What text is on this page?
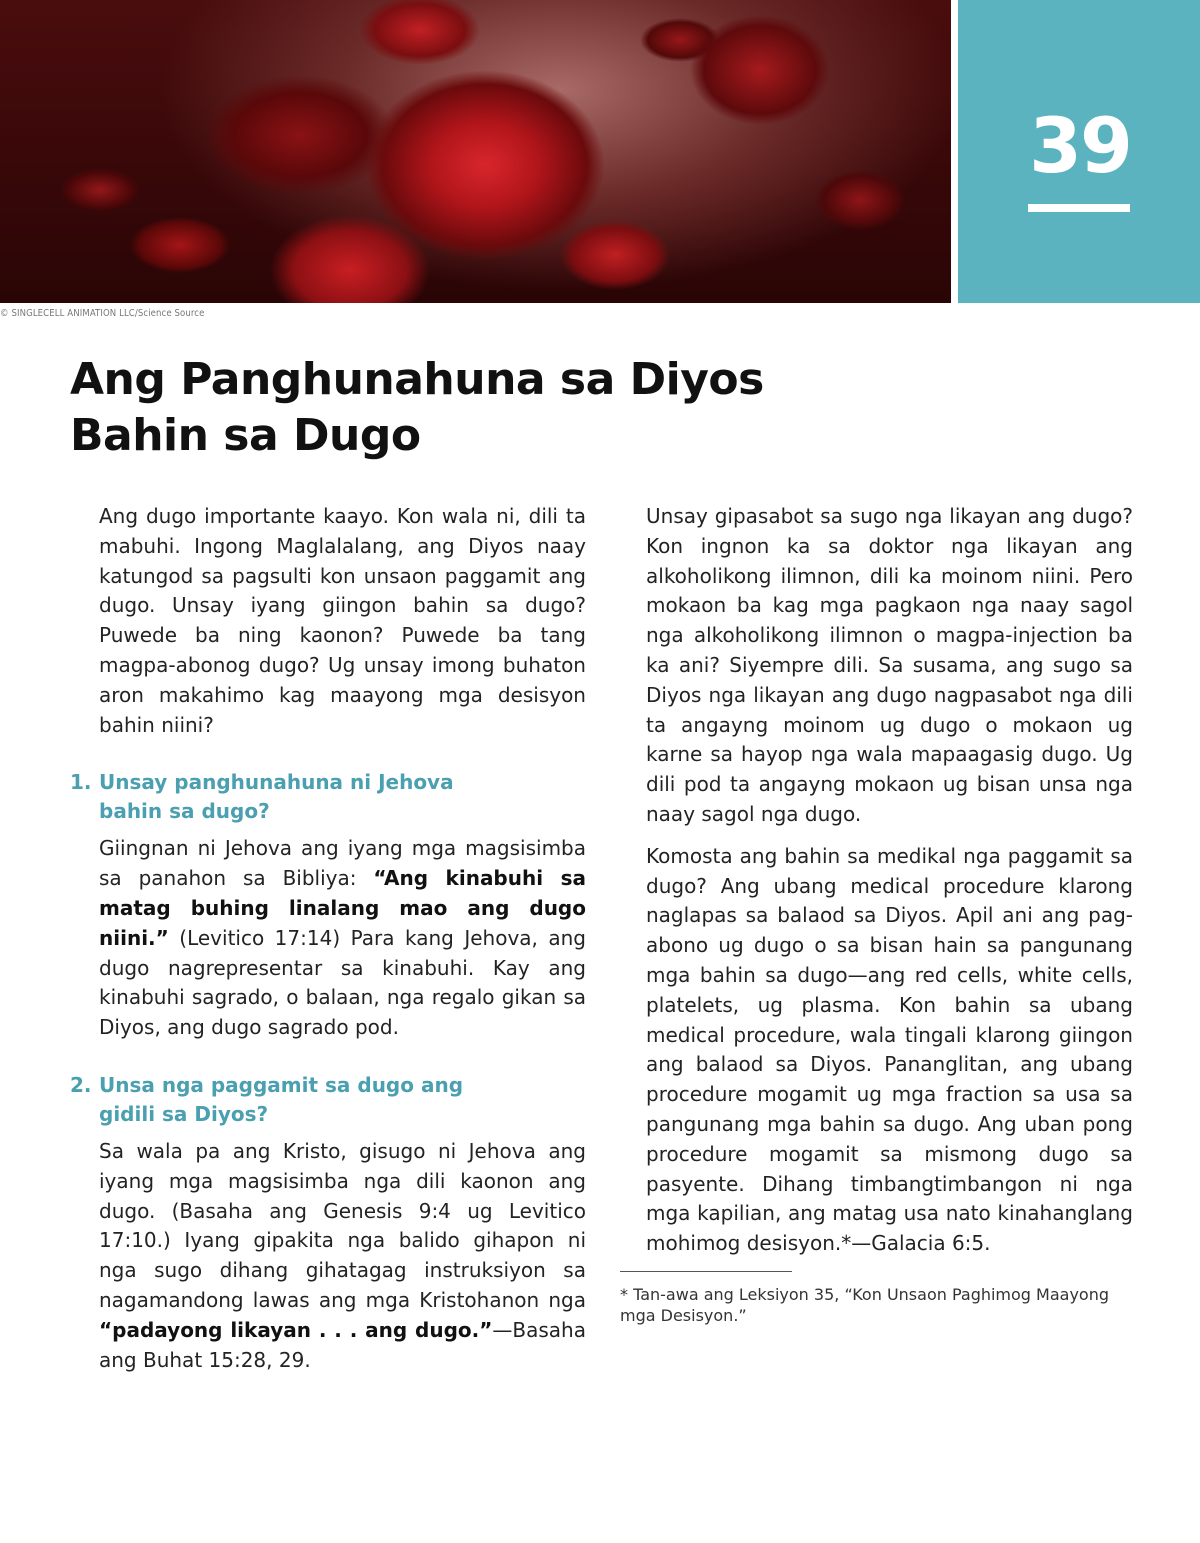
© SINGLECELL ANIMATION LLC/Science Source
39
Ang Panghunahuna sa Diyos
Bahin sa Dugo

Ang dugo importante kaayo. Kon wala ni, dili ta mabuhi. Ingong Maglalalang, ang Diyos naay katungod sa pagsulti kon unsaon paggamit ang dugo. Unsay iyang giingon bahin sa dugo? Puwede ba ning kaonon? Puwede ba tang magpa-abonog dugo? Ug unsay imong buhaton aron makahimo kag maayong mga desisyon bahin niini?

1. Unsay panghunahuna ni Jehova bahin sa dugo?

Giingnan ni Jehova ang iyang mga magsisimba sa panahon sa Bibliya: “Ang kinabuhi sa matag buhing linalang mao ang dugo niini.” (Levitico 17:14) Para kang Jehova, ang dugo nagrepresentar sa kinabuhi. Kay ang kinabuhi sagrado, o balaan, nga regalo gikan sa Diyos, ang dugo sagrado pod.

2. Unsa nga paggamit sa dugo ang gidili sa Diyos?

Sa wala pa ang Kristo, gisugo ni Jehova ang iyang mga magsisimba nga dili kaonon ang dugo. (Basaha ang Genesis 9:4 ug Levitico 17:10.) Iyang gipakita nga balido gihapon ni nga sugo dihang gihatagag instruksiyon sa nagamandong lawas ang mga Kristohanon nga “padayong likayan . . . ang dugo.”—Basaha ang Buhat 15:28, 29.

Unsay gipasabot sa sugo nga likayan ang dugo? Kon ingnon ka sa doktor nga likayan ang alkoholikong ilimnon, dili ka moinom niini. Pero mokaon ba kag mga pagkaon nga naay sagol nga alkoholikong ilimnon o magpa-injection ba ka ani? Siyempre dili. Sa susama, ang sugo sa Diyos nga likayan ang dugo nagpasabot nga dili ta angayng moinom ug dugo o mokaon ug karne sa hayop nga wala mapaagasig dugo. Ug dili pod ta angayng mokaon ug bisan unsa nga naay sagol nga dugo.

Komosta ang bahin sa medikal nga paggamit sa dugo? Ang ubang medical procedure klarong naglapas sa balaod sa Diyos. Apil ani ang pag-abono ug dugo o sa bisan hain sa pangunang mga bahin sa dugo—ang red cells, white cells, platelets, ug plasma. Kon bahin sa ubang medical procedure, wala tingali klarong giingon ang balaod sa Diyos. Pananglitan, ang ubang procedure mogamit ug mga fraction sa usa sa pangunang mga bahin sa dugo. Ang uban pong procedure mogamit sa mismong dugo sa pasyente. Dihang timbangtimbangon ni nga mga kapilian, ang matag usa nato kinahanglang mohimog desisyon.*—Galacia 6:5.

* Tan-awa ang Leksiyon 35, “Kon Unsaon Paghimog Maayong mga Desisyon.”
